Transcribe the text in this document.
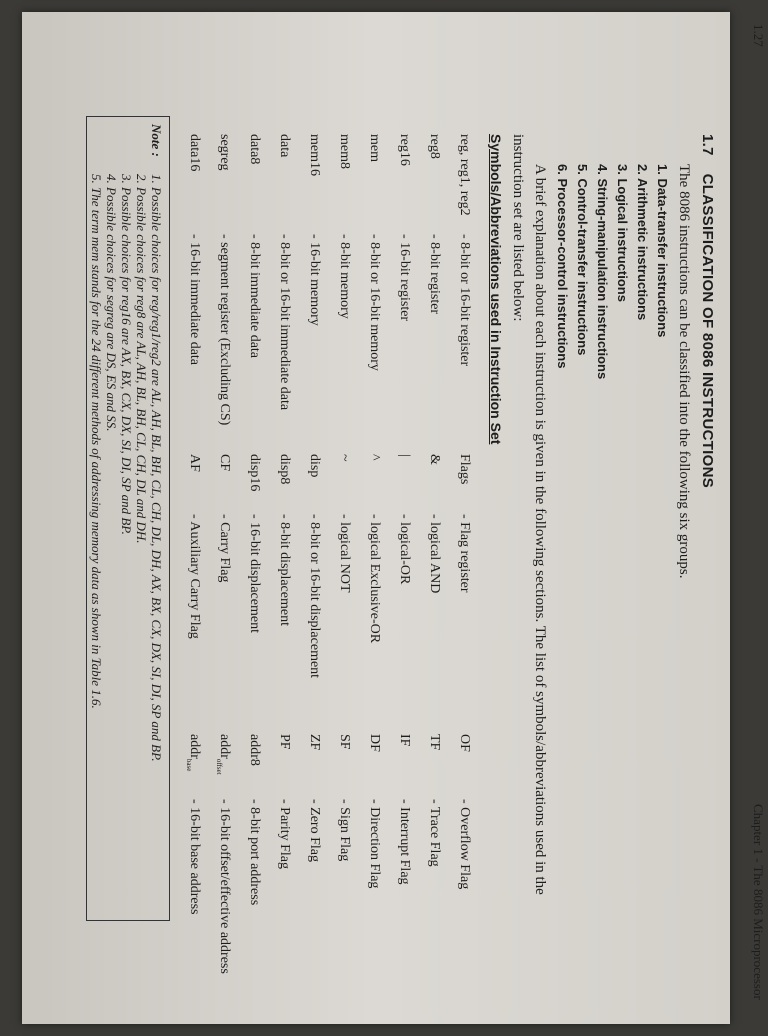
1.27
Chapter 1 - The 8086 Microprocessor
1.7    CLASSIFICATION OF 8086 INSTRUCTIONS
The 8086 instructions can be classified into the following six groups.
1. Data-transfer instructions
2. Arithmetic instructions
3. Logical instructions
4. String-manipulation instructions
5. Control-transfer instructions
6. Processor-control instructions
A brief explanation about each instruction is given in the following sections. The list of symbols/abbreviations used in the
instruction set are listed below:
Symbols/Abbreviations used in Instruction Set
reg, reg1, reg2
- 8-bit or 16-bit register
reg8
- 8-bit register
reg16
- 16-bit register
mem
- 8-bit or 16-bit memory
mem8
- 8-bit memory
mem16
- 16-bit memory
data
- 8-bit or 16-bit immediate data
data8
- 8-bit immediate data
segreg
- segment register (Excluding CS)
data16
- 16-bit immediate data
Flags
- Flag register
&
- logical AND
|
- logical-OR
^
- logical Exclusive-OR
~
- logical NOT
disp
- 8-bit or 16-bit displacement
disp8
- 8-bit displacement
disp16
- 16-bit displacement
CF
- Carry Flag
AF
- Auxiliary Carry Flag
OF
- Overflow Flag
TF
- Trace Flag
IF
- Interrupt Flag
DF
- Direction Flag
SF
- Sign Flag
ZF
- Zero Flag
PF
- Parity Flag
addr8
- 8-bit port address
addr$_{offset}$
- 16-bit offset/effective address
addr$_{base}$
- 16-bit base address
Note :
1. Possible choices for reg/reg1/reg2 are AL, AH, BL, BH, CL, CH, DL, DH, AX, BX, CX, DX, SI, DI, SP and BP.
2. Possible choices for reg8 are AL, AH, BL, BH, CL, CH, DL and DH.
3. Possible choices for reg16 are AX, BX, CX, DX, SI, DI, SP and BP.
4. Possible choices for segreg are DS, ES and SS.
5. The term mem stands for the 24 different methods of addressing memory data as shown in Table 1.6.
